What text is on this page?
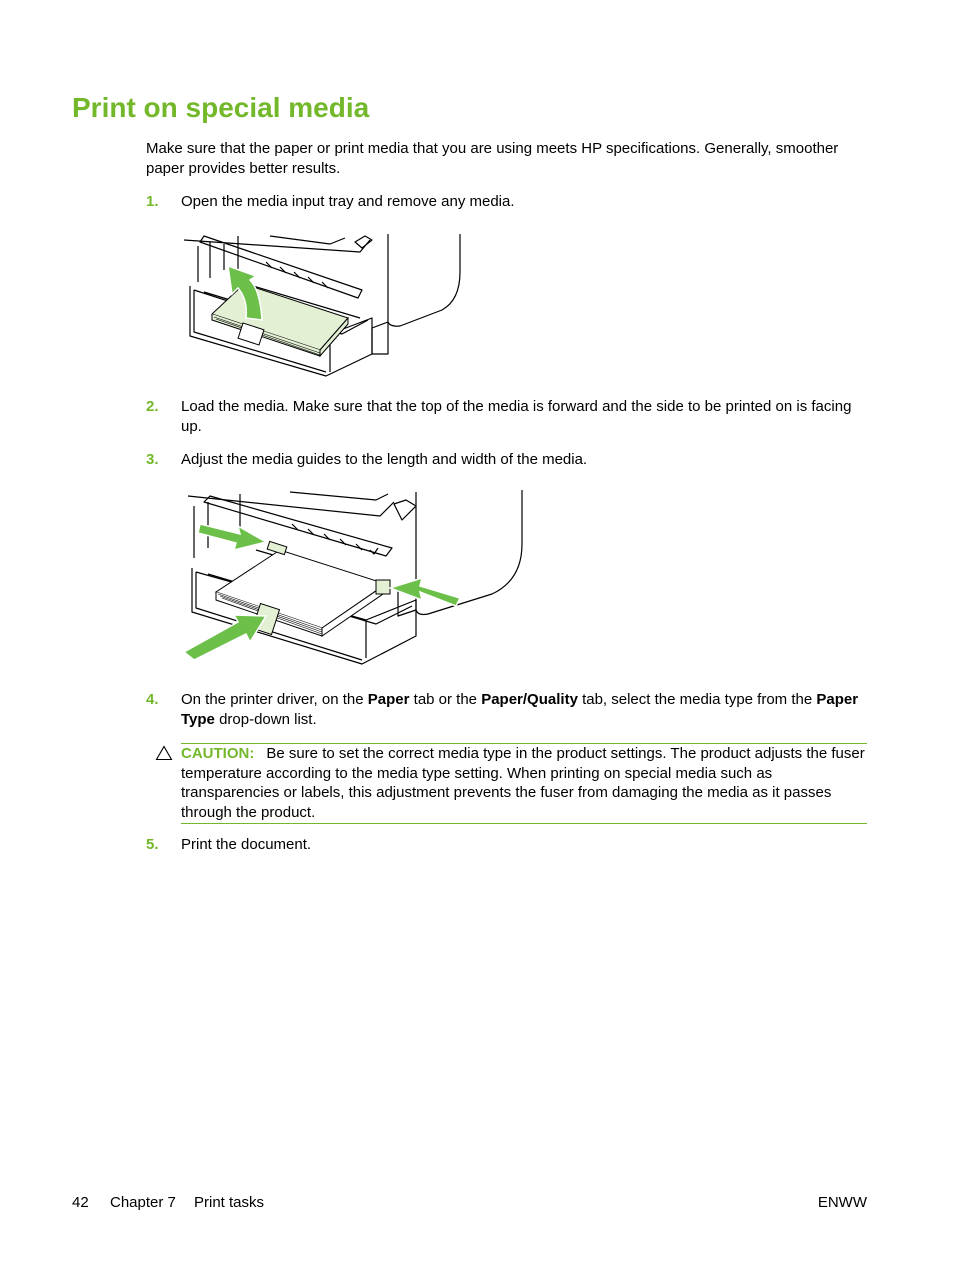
Print on special media

Make sure that the paper or print media that you are using meets HP specifications. Generally, smoother paper provides better results.

1. Open the media input tray and remove any media.
2. Load the media. Make sure that the top of the media is forward and the side to be printed on is facing up.
3. Adjust the media guides to the length and width of the media.
4. On the printer driver, on the Paper tab or the Paper/Quality tab, select the media type from the Paper Type drop-down list.
CAUTION: Be sure to set the correct media type in the product settings. The product adjusts the fuser temperature according to the media type setting. When printing on special media such as transparencies or labels, this adjustment prevents the fuser from damaging the media as it passes through the product.
5. Print the document.
42 Chapter 7 Print tasks	ENWW
